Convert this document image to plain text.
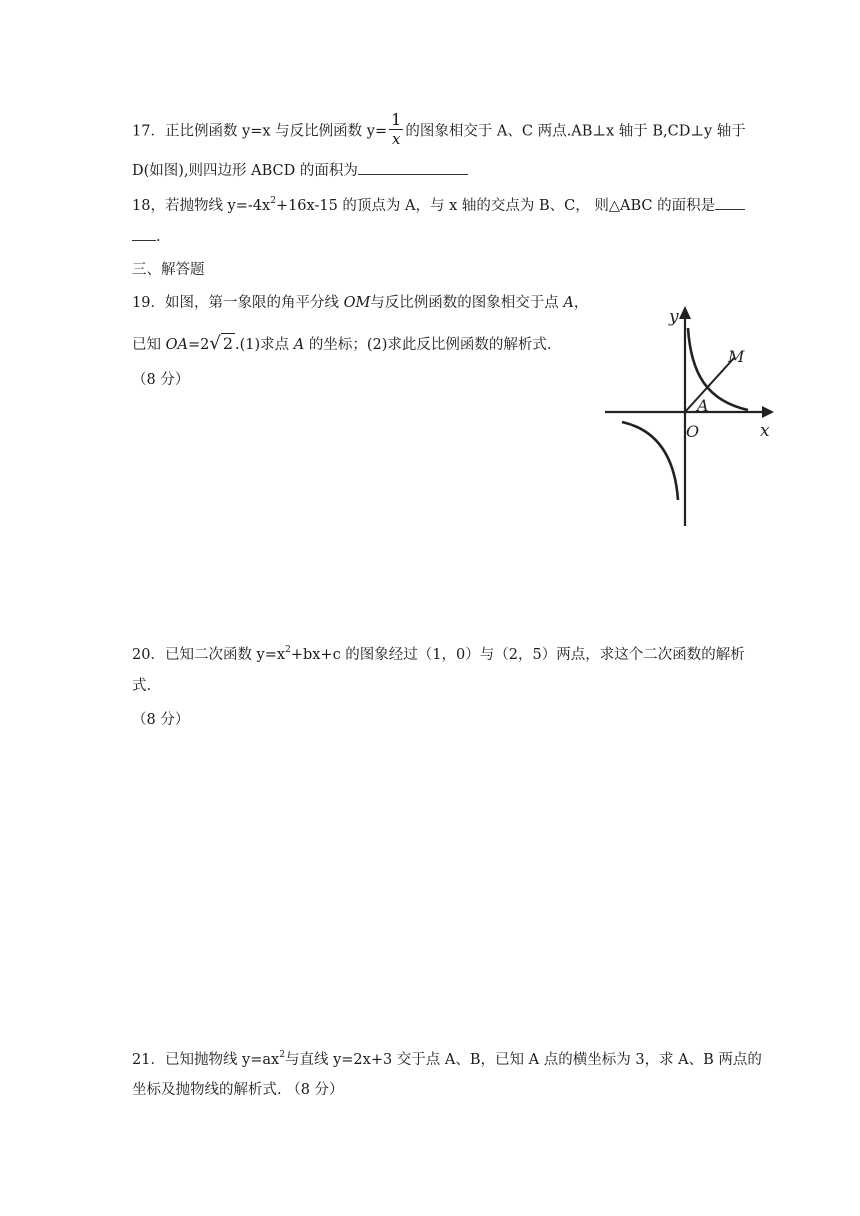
17．正比例函数 y=x 与反比例函数 $y= \frac{1}{x}$ 的图象相交于 A、C 两点.AB⊥x 轴于 B,CD⊥y 轴于
D(如图),则四边形 ABCD 的面积为
18，若抛物线 $y=-4x^2+16x-15$ 的顶点为 A，与 x 轴的交点为 B、C， 则△ABC 的面积是
.
三、解答题
19．如图，第一象限的角平分线 OM与反比例函数的图象相交于点 A，
已知 OA=2√ 2 .(1)求点 A 的坐标；(2)求此反比例函数的解析式.
（8 分）
y
x
O
A
M
20．已知二次函数 $y=x^2+bx+c$ 的图象经过（1，0）与（2，5）两点，求这个二次函数的解析
式.
（8 分）
21．已知抛物线 $y=ax^2$与直线 y=2x+3 交于点 A、B，已知 A 点的横坐标为 3，求 A、B 两点的
坐标及抛物线的解析式. （8 分）
